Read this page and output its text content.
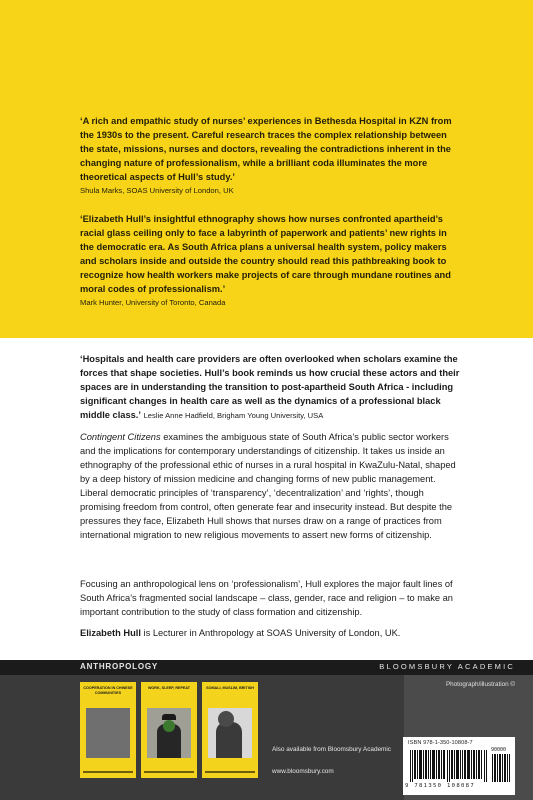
‘A rich and empathic study of nurses’ experiences in Bethesda Hospital in KZN from the 1930s to the present. Careful research traces the complex relationship between the state, missions, nurses and doctors, revealing the contradictions inherent in the changing nature of professionalism, while a brilliant coda illuminates the more theoretical aspects of Hull’s study.’
Shula Marks, SOAS University of London, UK
‘Elizabeth Hull’s insightful ethnography shows how nurses confronted apartheid’s racial glass ceiling only to face a labyrinth of paperwork and patients’ new rights in the democratic era. As South Africa plans a universal health system, policy makers and scholars inside and outside the country should read this pathbreaking book to recognize how health workers make projects of care through mundane routines and moral codes of professionalism.’
Mark Hunter, University of Toronto, Canada
‘Hospitals and health care providers are often overlooked when scholars examine the forces that shape societies. Hull’s book reminds us how crucial these actors and their spaces are in understanding the transition to post-apartheid South Africa - including significant changes in health care as well as the dynamics of a professional black middle class.’ Leslie Anne Hadfield, Brigham Young University, USA

Contingent Citizens examines the ambiguous state of South Africa’s public sector workers and the implications for contemporary understandings of citizenship. It takes us inside an ethnography of the professional ethic of nurses in a rural hospital in KwaZulu-Natal, shaped by a deep history of mission medicine and changing forms of new public management. Liberal democratic principles of ‘transparency’, ‘decentralization’ and ‘rights’, though promising freedom from control, often generate fear and insecurity instead. But despite the pressures they face, Elizabeth Hull shows that nurses draw on a range of practices from international migration to new religious movements to assert new forms of citizenship.

Focusing an anthropological lens on ‘professionalism’, Hull explores the major fault lines of South Africa’s fragmented social landscape – class, gender, race and religion – to make an important contribution to the study of class formation and citizenship.

Elizabeth Hull is Lecturer in Anthropology at SOAS University of London, UK.

ANTHROPOLOGY	BLOOMSBURY ACADEMIC
Photograph/illustration ©
COOPERATION IN CHINESE COMMUNITIES
WORK, SLEEP, REPEAT	SOMALI, MUSLIM, BRITISH
Also available from Bloomsbury Academic
www.bloomsbury.com
ISBN 978-1-350-10808-7
90000
9 781350 108087
